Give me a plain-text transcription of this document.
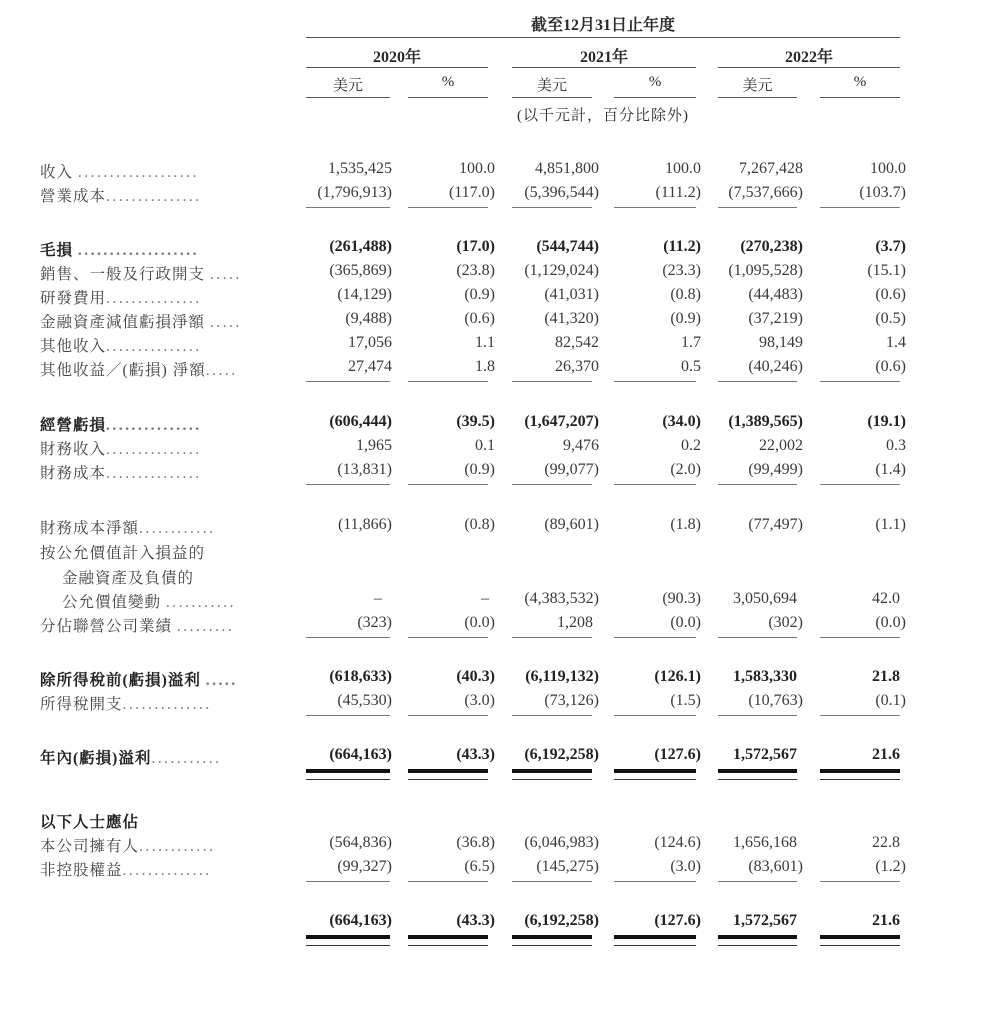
截至12月31日止年度
2020年	2021年	2022年
美元	%	美元	%	美元	%
(以千元計，百分比除外)
收入 ...................	1,535,425	100.0	4,851,800	100.0	7,267,428	100.0
營業成本...............	(1,796,913)	(117.0)	(5,396,544)	(111.2)	(7,537,666)	(103.7)
毛損 ...................	(261,488)	(17.0)	(544,744)	(11.2)	(270,238)	(3.7)
銷售、一般及行政開支 .....	(365,869)	(23.8)	(1,129,024)	(23.3)	(1,095,528)	(15.1)
研發費用...............	(14,129)	(0.9)	(41,031)	(0.8)	(44,483)	(0.6)
金融資產減值虧損淨額 .....	(9,488)	(0.6)	(41,320)	(0.9)	(37,219)	(0.5)
其他收入...............	17,056	1.1	82,542	1.7	98,149	1.4
其他收益／(虧損) 淨額.....	27,474	1.8	26,370	0.5	(40,246)	(0.6)
經營虧損...............	(606,444)	(39.5)	(1,647,207)	(34.0)	(1,389,565)	(19.1)
財務收入...............	1,965	0.1	9,476	0.2	22,002	0.3
財務成本...............	(13,831)	(0.9)	(99,077)	(2.0)	(99,499)	(1.4)
財務成本淨額............	(11,866)	(0.8)	(89,601)	(1.8)	(77,497)	(1.1)
按公允價值計入損益的
金融資產及負債的
公允價值變動 ...........	–	–	(4,383,532)	(90.3)	3,050,694	42.0
分佔聯營公司業績 .........	(323)	(0.0)	1,208	(0.0)	(302)	(0.0)
除所得稅前(虧損)溢利 .....	(618,633)	(40.3)	(6,119,132)	(126.1)	1,583,330	21.8
所得稅開支..............	(45,530)	(3.0)	(73,126)	(1.5)	(10,763)	(0.1)
年內(虧損)溢利...........	(664,163)	(43.3)	(6,192,258)	(127.6)	1,572,567	21.6
以下人士應佔
本公司擁有人............	(564,836)	(36.8)	(6,046,983)	(124.6)	1,656,168	22.8
非控股權益..............	(99,327)	(6.5)	(145,275)	(3.0)	(83,601)	(1.2)
(664,163)	(43.3)	(6,192,258)	(127.6)	1,572,567	21.6
